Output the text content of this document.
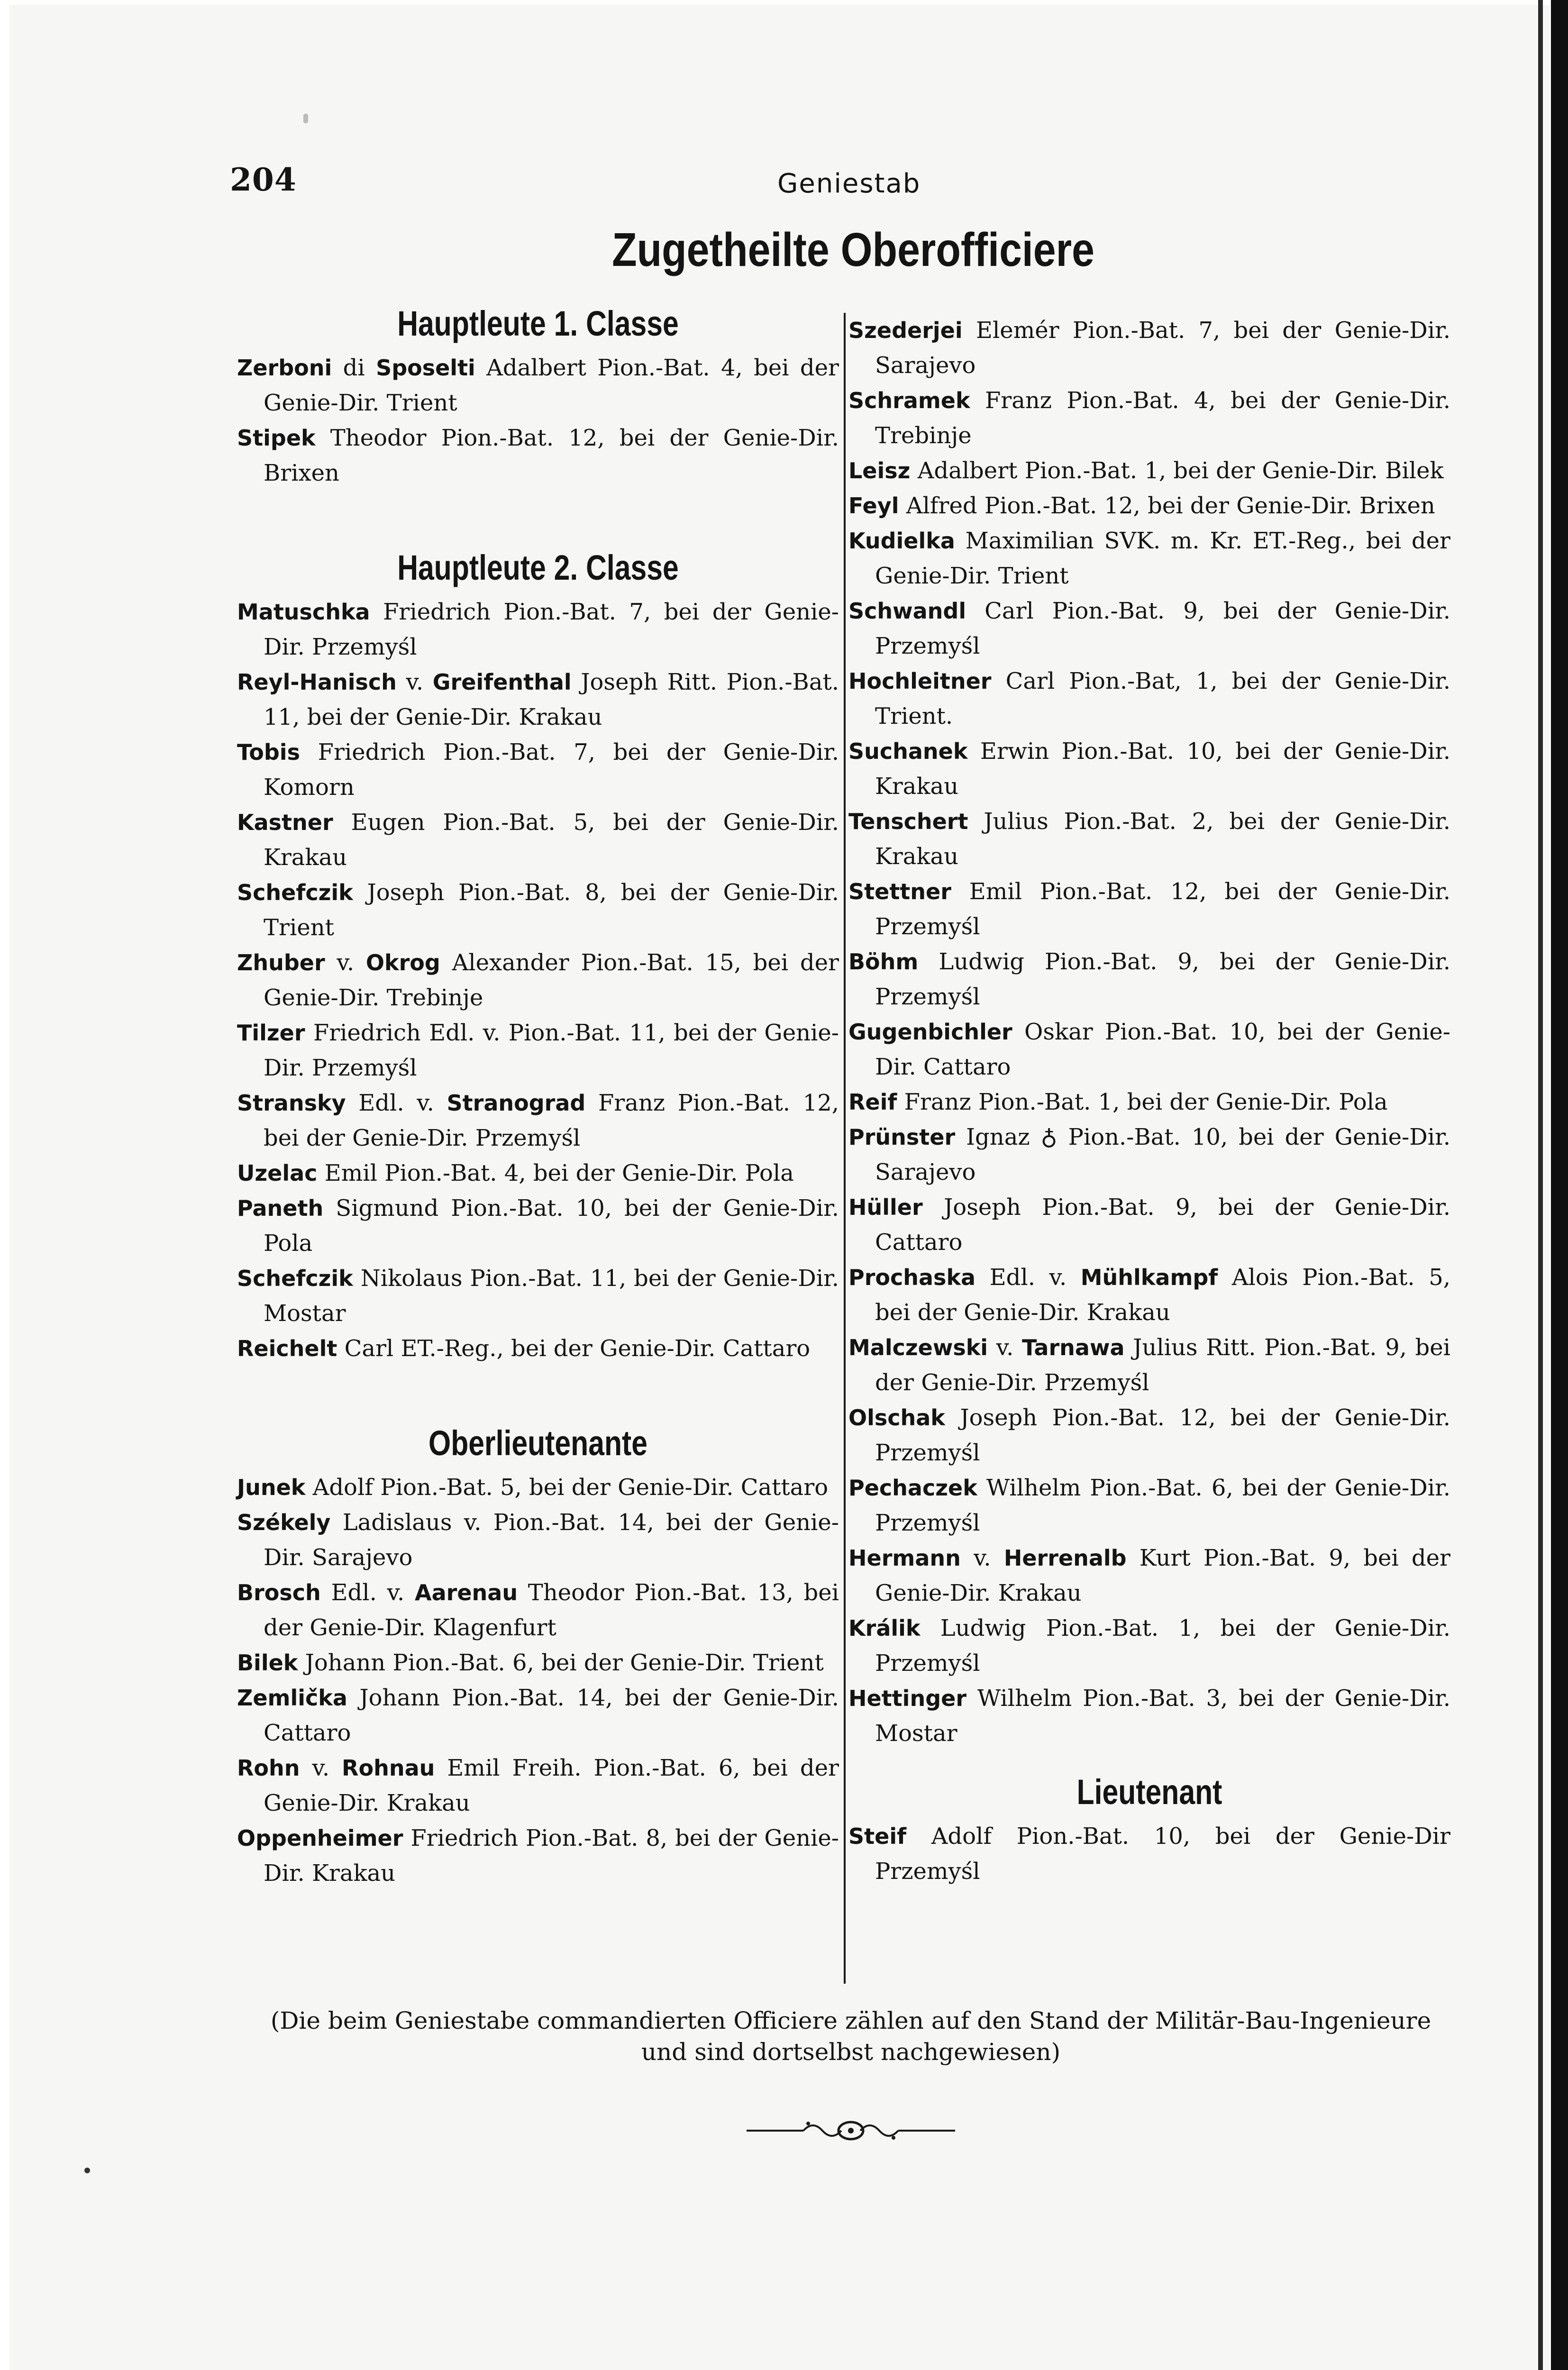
204	Geniestab
Zugetheilte Oberofficiere
Hauptleute 1. Classe

Zerboni di Sposelti Adalbert Pion.-Bat. 4, bei der Genie-Dir. Trient

Stipek Theodor Pion.-Bat. 12, bei der Genie-Dir. Brixen

Hauptleute 2. Classe

Matuschka Friedrich Pion.-Bat. 7, bei der Genie-Dir. Przemyśl

Reyl-Hanisch v. Greifenthal Joseph Ritt. Pion.-Bat. 11, bei der Genie-Dir. Krakau

Tobis Friedrich Pion.-Bat. 7, bei der Genie-Dir. Komorn

Kastner Eugen Pion.-Bat. 5, bei der Genie-Dir. Krakau

Schefczik Joseph Pion.-Bat. 8, bei der Genie-Dir. Trient

Zhuber v. Okrog Alexander Pion.-Bat. 15, bei der Genie-Dir. Trebinje

Tilzer Friedrich Edl. v. Pion.-Bat. 11, bei der Genie-Dir. Przemyśl

Stransky Edl. v. Stranograd Franz Pion.-Bat. 12, bei der Genie-Dir. Przemyśl

Uzelac Emil Pion.-Bat. 4, bei der Genie-Dir. Pola

Paneth Sigmund Pion.-Bat. 10, bei der Genie-Dir. Pola

Schefczik Nikolaus Pion.-Bat. 11, bei der Genie-Dir. Mostar

Reichelt Carl ET.-Reg., bei der Genie-Dir. Cattaro

Oberlieutenante

Junek Adolf Pion.-Bat. 5, bei der Genie-Dir. Cattaro

Székely Ladislaus v. Pion.-Bat. 14, bei der Genie-Dir. Sarajevo

Brosch Edl. v. Aarenau Theodor Pion.-Bat. 13, bei der Genie-Dir. Klagenfurt

Bilek Johann Pion.-Bat. 6, bei der Genie-Dir. Trient

Zemlička Johann Pion.-Bat. 14, bei der Genie-Dir. Cattaro

Rohn v. Rohnau Emil Freih. Pion.-Bat. 6, bei der Genie-Dir. Krakau

Oppenheimer Friedrich Pion.-Bat. 8, bei der Genie-Dir. Krakau

Szederjei Elemér Pion.-Bat. 7, bei der Genie-Dir. Sarajevo

Schramek Franz Pion.-Bat. 4, bei der Genie-Dir. Trebinje

Leisz Adalbert Pion.-Bat. 1, bei der Genie-Dir. Bilek

Feyl Alfred Pion.-Bat. 12, bei der Genie-Dir. Brixen

Kudielka Maximilian SVK. m. Kr. ET.-Reg., bei der Genie-Dir. Trient

Schwandl Carl Pion.-Bat. 9, bei der Genie-Dir. Przemyśl

Hochleitner Carl Pion.-Bat, 1, bei der Genie-Dir. Trient.

Suchanek Erwin Pion.-Bat. 10, bei der Genie-Dir. Krakau

Tenschert Julius Pion.-Bat. 2, bei der Genie-Dir. Krakau

Stettner Emil Pion.-Bat. 12, bei der Genie-Dir. Przemyśl

Böhm Ludwig Pion.-Bat. 9, bei der Genie-Dir. Przemyśl

Gugenbichler Oskar Pion.-Bat. 10, bei der Genie-Dir. Cattaro

Reif Franz Pion.-Bat. 1, bei der Genie-Dir. Pola

Prünster Ignaz ♁ Pion.-Bat. 10, bei der Genie-Dir. Sarajevo

Hüller Joseph Pion.-Bat. 9, bei der Genie-Dir. Cattaro

Prochaska Edl. v. Mühlkampf Alois Pion.-Bat. 5, bei der Genie-Dir. Krakau

Malczewski v. Tarnawa Julius Ritt. Pion.-Bat. 9, bei der Genie-Dir. Przemyśl

Olschak Joseph Pion.-Bat. 12, bei der Genie-Dir. Przemyśl

Pechaczek Wilhelm Pion.-Bat. 6, bei der Genie-Dir. Przemyśl

Hermann v. Herrenalb Kurt Pion.-Bat. 9, bei der Genie-Dir. Krakau

Králik Ludwig Pion.-Bat. 1, bei der Genie-Dir. Przemyśl

Hettinger Wilhelm Pion.-Bat. 3, bei der Genie-Dir. Mostar

Lieutenant

Steif Adolf Pion.-Bat. 10, bei der Genie-Dir Przemyśl

(Die beim Geniestabe commandierten Officiere zählen auf den Stand der Militär-Bau-Ingenieure
und sind dortselbst nachgewiesen)
